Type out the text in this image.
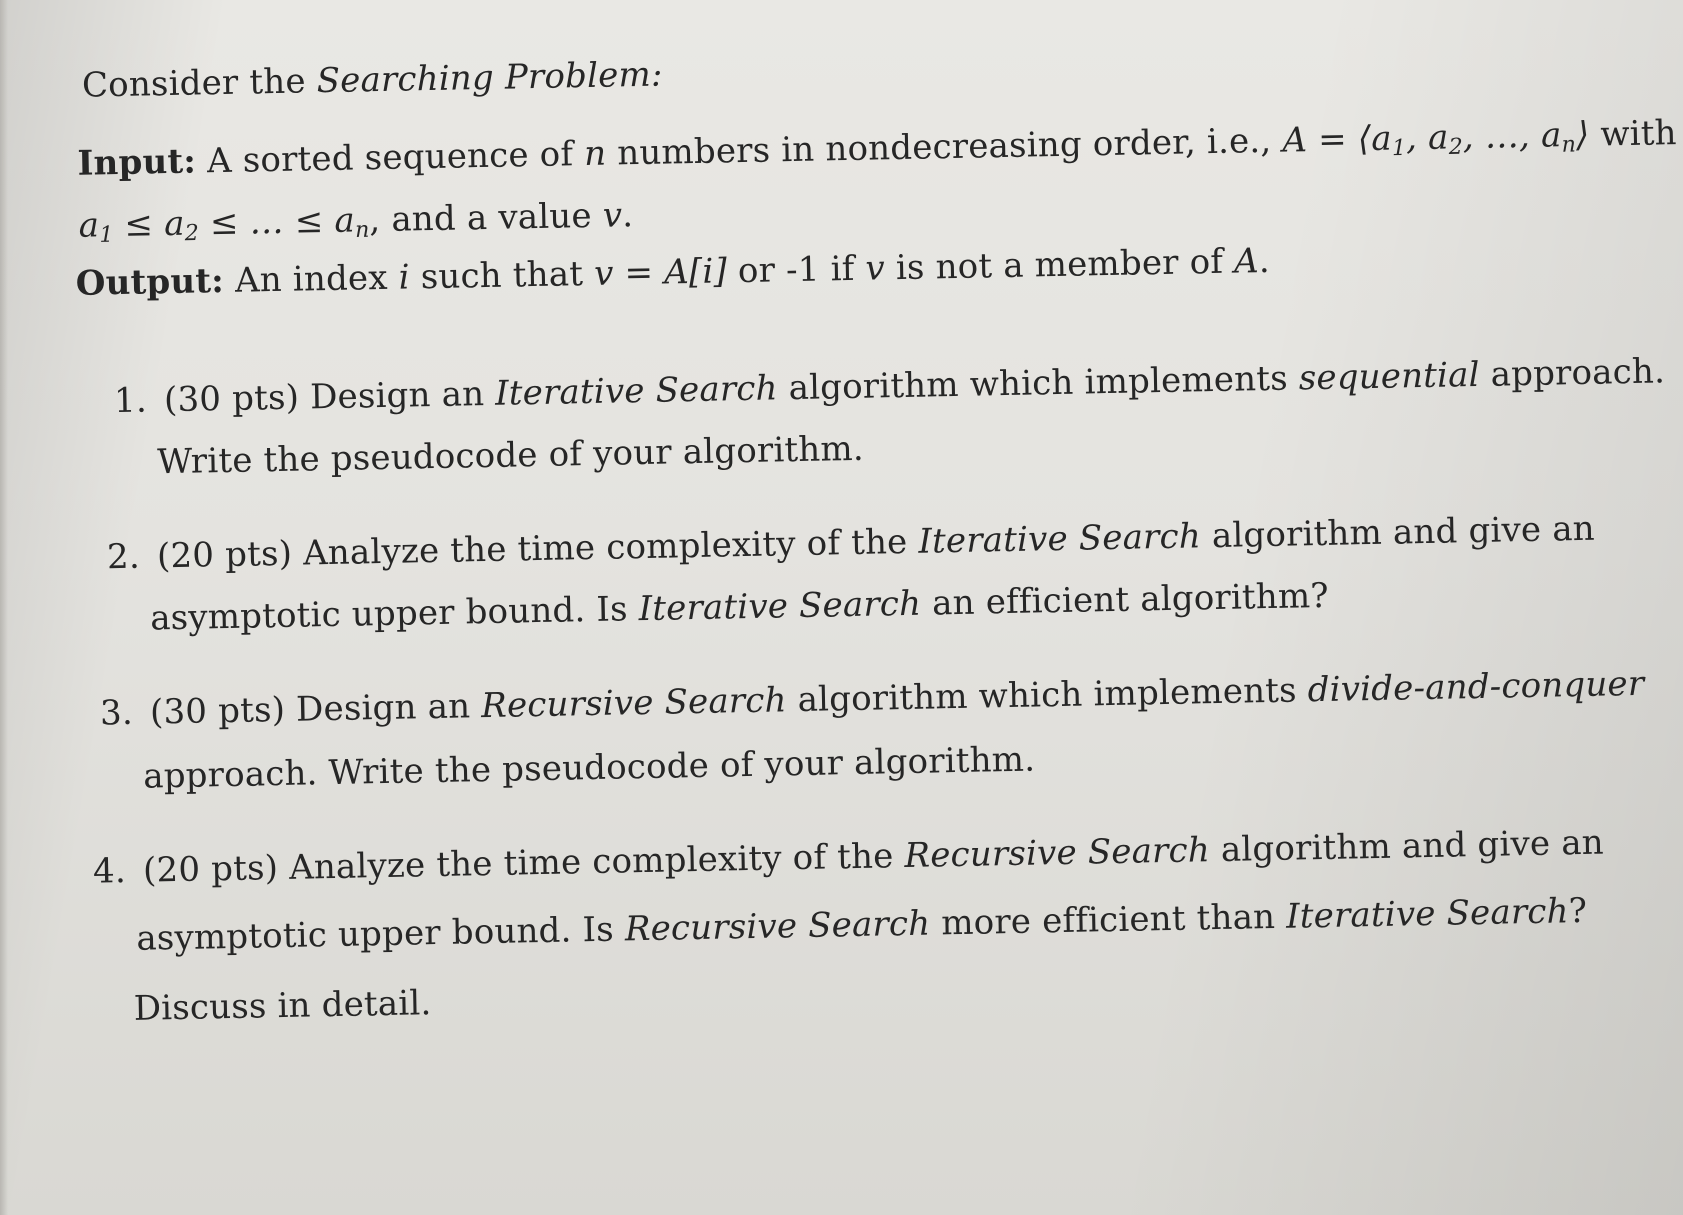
Consider the Searching Problem:
Input: A sorted sequence of n numbers in nondecreasing order, i.e., $A = ⟨a_1$, $a_2$, …, $a_n⟩$ with
$a_1 \le a_2$ ≤ … ≤ $a_n$, and a value v.
Output: An index i such that v = A[i] or -1 if v is not a member of A.
1. (30 pts) Design an Iterative Search algorithm which implements sequential approach.
Write the pseudocode of your algorithm.
2. (20 pts) Analyze the time complexity of the Iterative Search algorithm and give an
asymptotic upper bound. Is Iterative Search an efficient algorithm?
3. (30 pts) Design an Recursive Search algorithm which implements divide-and-conquer
approach. Write the pseudocode of your algorithm.
4. (20 pts) Analyze the time complexity of the Recursive Search algorithm and give an
asymptotic upper bound. Is Recursive Search more efficient than Iterative Search?
Discuss in detail.
